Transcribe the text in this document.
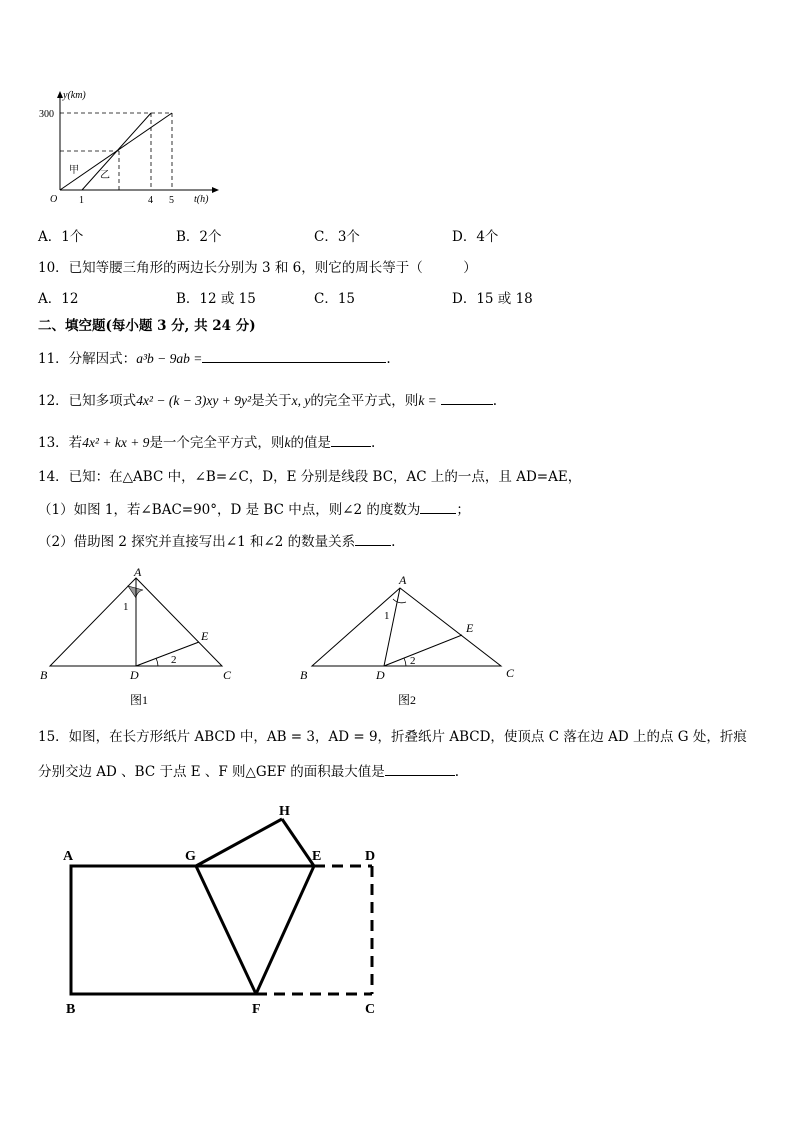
y(km)
t(h)
O
300
1	4 5
甲 乙
A．1个	B．2个	C．3个	D．4个
10．已知等腰三角形的两边长分别为 3 和 6，则它的周长等于（　　　）
A．12	B．12 或 15	C．15	D．15 或 18
二、填空题(每小题 3 分, 共 24 分)
11．分解因式：a³b − 9ab =	.
12．已知多项式4x² − (k − 3)xy + 9y²是关于x, y的完全平方式，则k =	.
13．若4x² + kx + 9是一个完全平方式，则k的值是	.
14．已知：在△ABC 中，∠B=∠C，D，E 分别是线段 BC，AC 上的一点，且 AD=AE，
（1）如图 1，若∠BAC=90°，D 是 BC 中点，则∠2 的度数为	；
（2）借助图 2 探究并直接写出∠1 和∠2 的数量关系	.
A
B	C
D
E
1
2
图1
A
B	C
D
E
1
2
图2
15．如图，在长方形纸片 ABCD 中，AB = 3，AD = 9，折叠纸片 ABCD，使顶点 C 落在边 AD 上的点 G 处，折痕
分别交边 AD 、BC 于点 E 、F 则△GEF 的面积最大值是	.
A	G	E	D
H
B	F	C
